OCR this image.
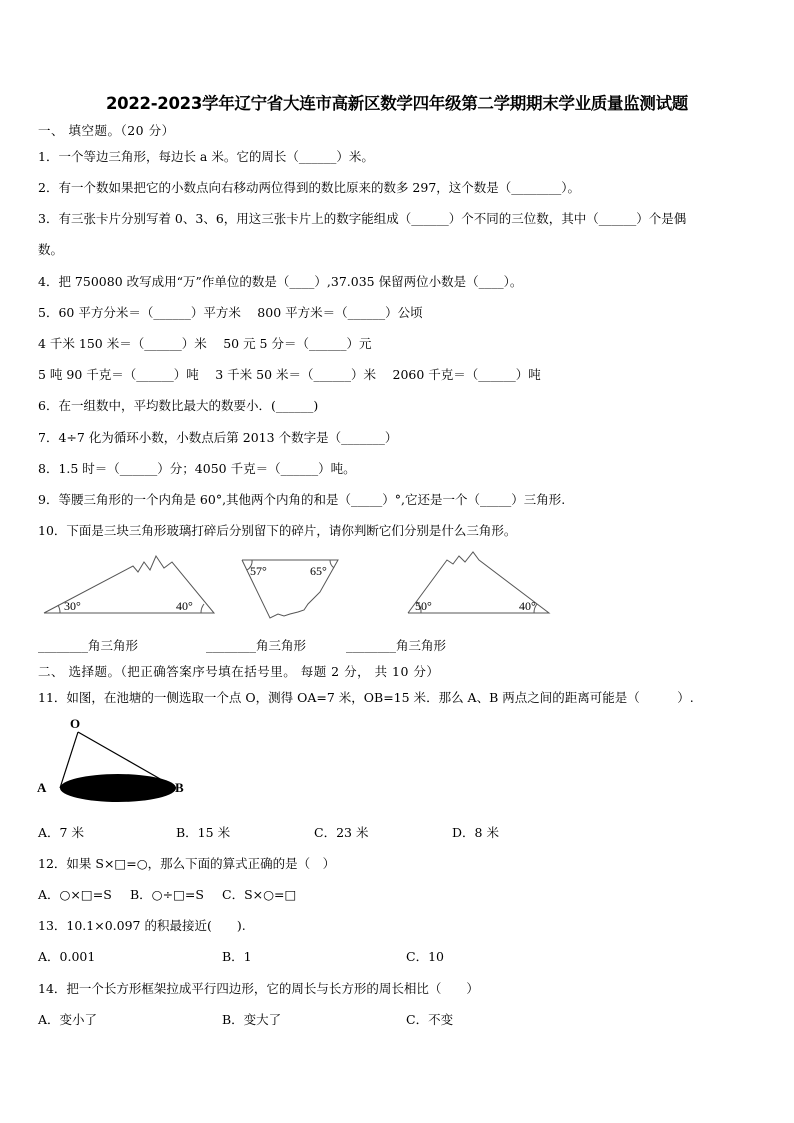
2022-2023学年辽宁省大连市高新区数学四年级第二学期期末学业质量监测试题
一、 填空题。（20 分）
1．一个等边三角形，每边长 a 米。它的周长（______）米。
2．有一个数如果把它的小数点向右移动两位得到的数比原来的数多 297，这个数是（________）。
3．有三张卡片分别写着 0、3、6，用这三张卡片上的数字能组成（______）个不同的三位数，其中（______）个是偶
数。
4．把 750080 改写成用“万”作单位的数是（____）,37.035 保留两位小数是（____）。
5．60 平方分米＝（______）平方米　 800 平方米＝（______）公顷
4 千米 150 米＝（______）米　 50 元 5 分＝（______）元
5 吨 90 千克＝（______）吨　 3 千米 50 米＝（______）米　 2060 千克＝（______）吨
6．在一组数中，平均数比最大的数要小．(______)
7．4÷7 化为循环小数，小数点后第 2013 个数字是（_______）
8．1.5 时＝（______）分；4050 千克＝（______）吨。
9．等腰三角形的一个内角是 60°,其他两个内角的和是（_____）°,它还是一个（_____）三角形.
10．下面是三块三角形玻璃打碎后分别留下的碎片，请你判断它们分别是什么三角形。
30°	40°
57°	65°
50°	40°
________角三角形	________角三角形	________角三角形
二、 选择题。（把正确答案序号填在括号里。 每题 2 分， 共 10 分）
11．如图，在池塘的一侧选取一个点 O，测得 OA=7 米，OB=15 米．那么 A、B 两点之间的距离可能是（　　　）.
O
A	B
A．7 米	B．15 米	C．23 米	D．8 米
12．如果 S×□=○，那么下面的算式正确的是（　）
A．○×□=S B．○÷□=S C．S×○=□
13．10.1×0.097 的积最接近(　　).
A．0.001	B．1	C．10
14．把一个长方形框架拉成平行四边形，它的周长与长方形的周长相比（　　）
A．变小了	B．变大了	C．不变
